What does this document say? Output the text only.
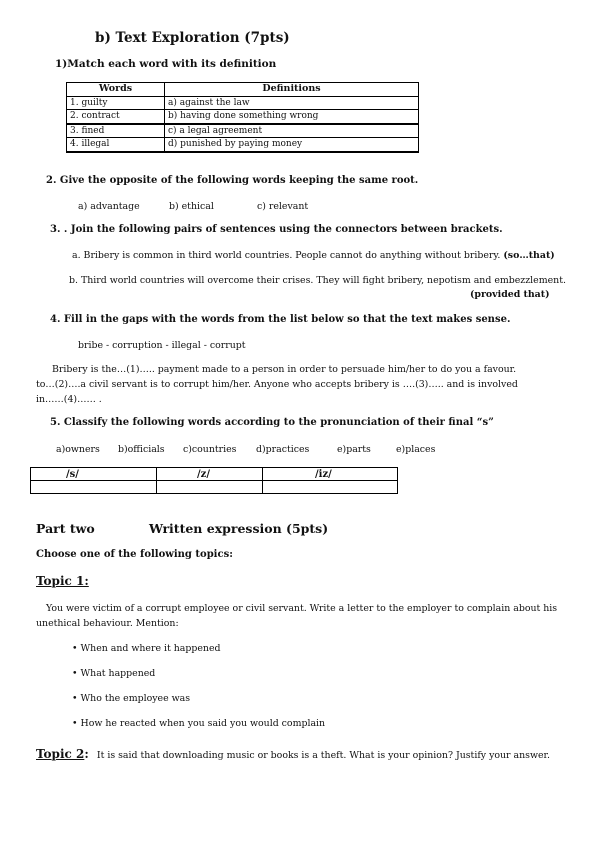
b) Text Exploration (7pts)
1)Match each word with its definition
Words	Definitions
1. guilty	a) against the law
2. contract	b) having done something wrong
3. fined	c) a legal agreement
4. illegal	d) punished by paying money
2. Give the opposite of the following words keeping the same root.
a) advantage	b) ethical	c) relevant
3. . Join the following pairs of sentences using the connectors between brackets.
a. Bribery is common in third world countries. People cannot do anything without bribery. (so…that)
b. Third world countries will overcome their crises. They will fight bribery, nepotism and embezzlement.
(provided that)
4. Fill in the gaps with the words from the list below so that the text makes sense.
bribe - corruption - illegal - corrupt
Bribery is the…(1)….. payment made to a person in order to persuade him/her to do you a favour.
to…(2)….a civil servant is to corrupt him/her. Anyone who accepts bribery is ….(3)….. and is involved
in……(4)…… .
5. Classify the following words according to the pronunciation of their final “s”
a)owners b)officials c)countries d)practices	e)parts	e)places
/s/	/z/	/iz/

Part two	Written expression (5pts)
Choose one of the following topics:
Topic 1:
You were victim of a corrupt employee or civil servant. Write a letter to the employer to complain about his
unethical behaviour. Mention:
• When and where it happened
• What happened
• Who the employee was
• How he reacted when you said you would complain
Topic 2: It is said that downloading music or books is a theft. What is your opinion? Justify your answer.
